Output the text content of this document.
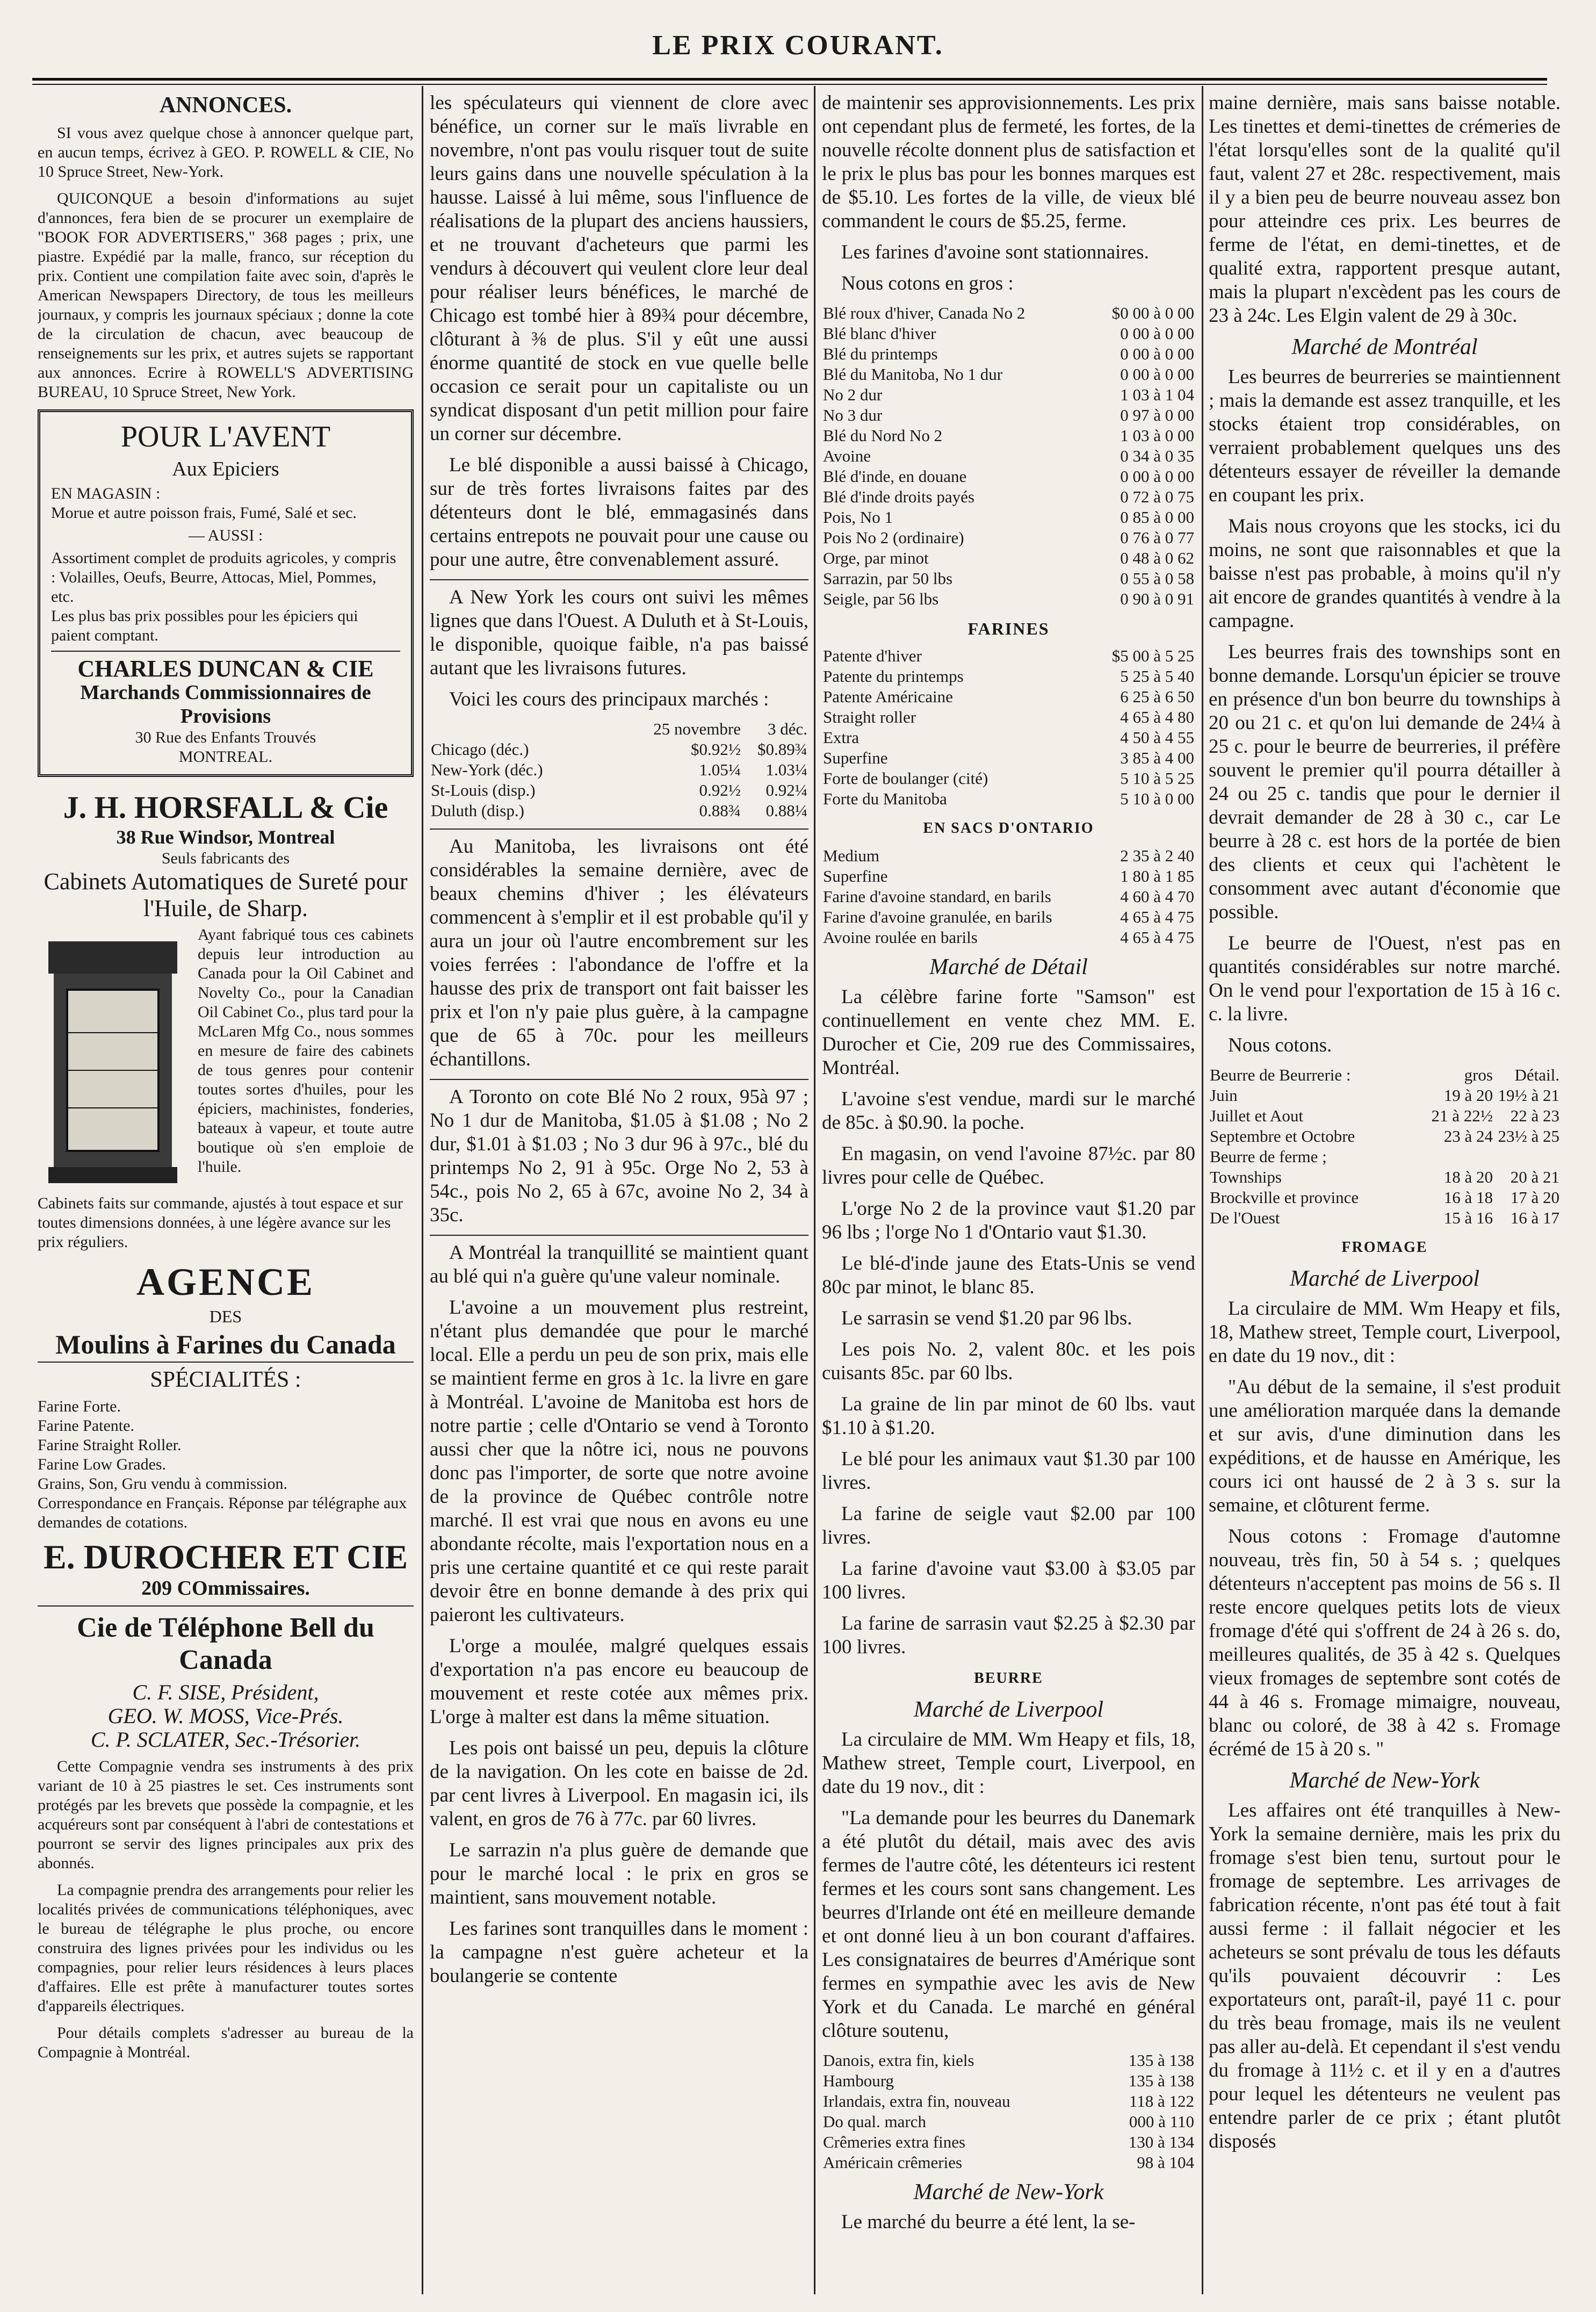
LE PRIX COURANT.
ANNONCES.

SI vous avez quelque chose à annoncer quelque part, en aucun temps, écrivez à GEO. P. ROWELL & CIE, No 10 Spruce Street, New-York.

QUICONQUE a besoin d'informations au sujet d'annonces, fera bien de se procurer un exemplaire de "BOOK FOR ADVERTISERS," 368 pages ; prix, une piastre. Expédié par la malle, franco, sur réception du prix. Contient une compilation faite avec soin, d'après le American Newspapers Directory, de tous les meilleurs journaux, y compris les journaux spéciaux ; donne la cote de la circulation de chacun, avec beaucoup de renseignements sur les prix, et autres sujets se rapportant aux annonces. Ecrire à ROWELL'S ADVERTISING BUREAU, 10 Spruce Street, New York.

POUR L'AVENT
Aux Epiciers
EN MAGASIN :
Morue et autre poisson frais, Fumé, Salé et sec.
— AUSSI :
Assortiment complet de produits agricoles, y compris : Volailles, Oeufs, Beurre, Attocas, Miel, Pommes, etc.
Les plus bas prix possibles pour les épiciers qui paient comptant.
CHARLES DUNCAN & CIE
Marchands Commissionnaires de Provisions
30 Rue des Enfants Trouvés
MONTREAL.
J. H. HORSFALL & Cie
38 Rue Windsor, Montreal
Seuls fabricants des
Cabinets Automatiques de Sureté pour l'Huile, de Sharp.
Ayant fabriqué tous ces cabinets depuis leur introduction au Canada pour la Oil Cabinet and Novelty Co., pour la Canadian Oil Cabinet Co., plus tard pour la McLaren Mfg Co., nous sommes en mesure de faire des cabinets de tous genres pour contenir toutes sortes d'huiles, pour les épiciers, machinistes, fonderies, bateaux à vapeur, et toute autre boutique où s'en emploie de l'huile.
Cabinets faits sur commande, ajustés à tout espace et sur toutes dimensions données, à une légère avance sur les prix réguliers.
AGENCE
DES
Moulins à Farines du Canada
SPÉCIALITÉS :
Farine Forte.
Farine Patente.
Farine Straight Roller.
Farine Low Grades.
Grains, Son, Gru vendu à commission.
Correspondance en Français. Réponse par télégraphe aux demandes de cotations.
E. DUROCHER ET CIE
209 COmmissaires.
Cie de Téléphone Bell du Canada
C. F. SISE, Président,
GEO. W. MOSS, Vice-Prés.
C. P. SCLATER, Sec.-Trésorier.

Cette Compagnie vendra ses instruments à des prix variant de 10 à 25 piastres le set. Ces instruments sont protégés par les brevets que possède la compagnie, et les acquéreurs sont par conséquent à l'abri de contestations et pourront se servir des lignes principales aux prix des abonnés.

La compagnie prendra des arrangements pour relier les localités privées de communications téléphoniques, avec le bureau de télégraphe le plus proche, ou encore construira des lignes privées pour les individus ou les compagnies, pour relier leurs résidences à leurs places d'affaires. Elle est prête à manufacturer toutes sortes d'appareils électriques.

Pour détails complets s'adresser au bureau de la Compagnie à Montréal.

les spéculateurs qui viennent de clore avec bénéfice, un corner sur le maïs livrable en novembre, n'ont pas voulu risquer tout de suite leurs gains dans une nouvelle spéculation à la hausse. Laissé à lui même, sous l'influence de réalisations de la plupart des anciens haussiers, et ne trouvant d'acheteurs que parmi les vendurs à découvert qui veulent clore leur deal pour réaliser leurs bénéfices, le marché de Chicago est tombé hier à 89¾ pour décembre, clôturant à ⅜ de plus. S'il y eût une aussi énorme quantité de stock en vue quelle belle occasion ce serait pour un capitaliste ou un syndicat disposant d'un petit million pour faire un corner sur décembre.

Le blé disponible a aussi baissé à Chicago, sur de très fortes livraisons faites par des détenteurs dont le blé, emmagasinés dans certains entrepots ne pouvait pour une cause ou pour une autre, être convenablement assuré.

A New York les cours ont suivi les mêmes lignes que dans l'Ouest. A Duluth et à St-Louis, le disponible, quoique faible, n'a pas baissé autant que les livraisons futures.

Voici les cours des principaux marchés :

	25 novembre	3 déc.
Chicago (déc.)	$0.92½	$0.89¾
New-York (déc.)	1.05¼	1.03¼
St-Louis (disp.)	0.92½	0.92¼
Duluth (disp.)	0.88¾	0.88¼

Au Manitoba, les livraisons ont été considérables la semaine dernière, avec de beaux chemins d'hiver ; les élévateurs commencent à s'emplir et il est probable qu'il y aura un jour où l'autre encombrement sur les voies ferrées : l'abondance de l'offre et la hausse des prix de transport ont fait baisser les prix et l'on n'y paie plus guère, à la campagne que de 65 à 70c. pour les meilleurs échantillons.

A Toronto on cote Blé No 2 roux, 95à 97 ; No 1 dur de Manitoba, $1.05 à $1.08 ; No 2 dur, $1.01 à $1.03 ; No 3 dur 96 à 97c., blé du printemps No 2, 91 à 95c. Orge No 2, 53 à 54c., pois No 2, 65 à 67c, avoine No 2, 34 à 35c.

A Montréal la tranquillité se maintient quant au blé qui n'a guère qu'une valeur nominale.

L'avoine a un mouvement plus restreint, n'étant plus demandée que pour le marché local. Elle a perdu un peu de son prix, mais elle se maintient ferme en gros à 1c. la livre en gare à Montréal. L'avoine de Manitoba est hors de notre partie ; celle d'Ontario se vend à Toronto aussi cher que la nôtre ici, nous ne pouvons donc pas l'importer, de sorte que notre avoine de la province de Québec contrôle notre marché. Il est vrai que nous en avons eu une abondante récolte, mais l'exportation nous en a pris une certaine quantité et ce qui reste parait devoir être en bonne demande à des prix qui paieront les cultivateurs.

L'orge a moulée, malgré quelques essais d'exportation n'a pas encore eu beaucoup de mouvement et reste cotée aux mêmes prix. L'orge à malter est dans la même situation.

Les pois ont baissé un peu, depuis la clôture de la navigation. On les cote en baisse de 2d. par cent livres à Liverpool. En magasin ici, ils valent, en gros de 76 à 77c. par 60 livres.

Le sarrazin n'a plus guère de demande que pour le marché local : le prix en gros se maintient, sans mouvement notable.

Les farines sont tranquilles dans le moment : la campagne n'est guère acheteur et la boulangerie se contente

de maintenir ses approvisionnements. Les prix ont cependant plus de fermeté, les fortes, de la nouvelle récolte donnent plus de satisfaction et le prix le plus bas pour les bonnes marques est de $5.10. Les fortes de la ville, de vieux blé commandent le cours de $5.25, ferme.

Les farines d'avoine sont stationnaires.

Nous cotons en gros :

Blé roux d'hiver, Canada No 2	$0 00 à 0 00
Blé blanc d'hiver	0 00 à 0 00
Blé du printemps	0 00 à 0 00
Blé du Manitoba, No 1 dur	0 00 à 0 00
No 2 dur	1 03 à 1 04
No 3 dur	0 97 à 0 00
Blé du Nord No 2	1 03 à 0 00
Avoine	0 34 à 0 35
Blé d'inde, en douane	0 00 à 0 00
Blé d'inde droits payés	0 72 à 0 75
Pois, No 1	0 85 à 0 00
Pois No 2 (ordinaire)	0 76 à 0 77
Orge, par minot	0 48 à 0 62
Sarrazin, par 50 lbs	0 55 à 0 58
Seigle, par 56 lbs	0 90 à 0 91
FARINES
Patente d'hiver	$5 00 à 5 25
Patente du printemps	5 25 à 5 40
Patente Américaine	6 25 à 6 50
Straight roller	4 65 à 4 80
Extra	4 50 à 4 55
Superfine	3 85 à 4 00
Forte de boulanger (cité)	5 10 à 5 25
Forte du Manitoba	5 10 à 0 00
EN SACS D'ONTARIO
Medium	2 35 à 2 40
Superfine	1 80 à 1 85
Farine d'avoine standard, en barils	4 60 à 4 70
Farine d'avoine granulée, en barils	4 65 à 4 75
Avoine roulée en barils	4 65 à 4 75
Marché de Détail

La célèbre farine forte "Samson" est continuellement en vente chez MM. E. Durocher et Cie, 209 rue des Commissaires, Montréal.

L'avoine s'est vendue, mardi sur le marché de 85c. à $0.90. la poche.

En magasin, on vend l'avoine 87½c. par 80 livres pour celle de Québec.

L'orge No 2 de la province vaut $1.20 par 96 lbs ; l'orge No 1 d'Ontario vaut $1.30.

Le blé-d'inde jaune des Etats-Unis se vend 80c par minot, le blanc 85.

Le sarrasin se vend $1.20 par 96 lbs.

Les pois No. 2, valent 80c. et les pois cuisants 85c. par 60 lbs.

La graine de lin par minot de 60 lbs. vaut $1.10 à $1.20.

Le blé pour les animaux vaut $1.30 par 100 livres.

La farine de seigle vaut $2.00 par 100 livres.

La farine d'avoine vaut $3.00 à $3.05 par 100 livres.

La farine de sarrasin vaut $2.25 à $2.30 par 100 livres.

BEURRE
Marché de Liverpool

La circulaire de MM. Wm Heapy et fils, 18, Mathew street, Temple court, Liverpool, en date du 19 nov., dit :

"La demande pour les beurres du Danemark a été plutôt du détail, mais avec des avis fermes de l'autre côté, les détenteurs ici restent fermes et les cours sont sans changement. Les beurres d'Irlande ont été en meilleure demande et ont donné lieu à un bon courant d'affaires. Les consignataires de beurres d'Amérique sont fermes en sympathie avec les avis de New York et du Canada. Le marché en général clôture soutenu,

Danois, extra fin, kiels	135 à 138
Hambourg	135 à 138
Irlandais, extra fin, nouveau	118 à 122
Do qual. march	000 à 110
Crêmeries extra fines	130 à 134
Américain crêmeries	98 à 104
Marché de New-York

Le marché du beurre a été lent, la se-

maine dernière, mais sans baisse notable. Les tinettes et demi-tinettes de crémeries de l'état lorsqu'elles sont de la qualité qu'il faut, valent 27 et 28c. respectivement, mais il y a bien peu de beurre nouveau assez bon pour atteindre ces prix. Les beurres de ferme de l'état, en demi-tinettes, et de qualité extra, rapportent presque autant, mais la plupart n'excèdent pas les cours de 23 à 24c. Les Elgin valent de 29 à 30c.

Marché de Montréal

Les beurres de beurreries se maintiennent ; mais la demande est assez tranquille, et les stocks étaient trop considérables, on verraient probablement quelques uns des détenteurs essayer de réveiller la demande en coupant les prix.

Mais nous croyons que les stocks, ici du moins, ne sont que raisonnables et que la baisse n'est pas probable, à moins qu'il n'y ait encore de grandes quantités à vendre à la campagne.

Les beurres frais des townships sont en bonne demande. Lorsqu'un épicier se trouve en présence d'un bon beurre du townships à 20 ou 21 c. et qu'on lui demande de 24¼ à 25 c. pour le beurre de beurreries, il préfère souvent le premier qu'il pourra détailler à 24 ou 25 c. tandis que pour le dernier il devrait demander de 28 à 30 c., car Le beurre à 28 c. est hors de la portée de bien des clients et ceux qui l'achètent le consomment avec autant d'économie que possible.

Le beurre de l'Ouest, n'est pas en quantités considérables sur notre marché. On le vend pour l'exportation de 15 à 16 c. c. la livre.

Nous cotons.

Beurre de Beurrerie :	gros	Détail.
Juin	19 à 20	19½ à 21
Juillet et Aout	21 à 22½	22 à 23
Septembre et Octobre	23 à 24	23½ à 25
Beurre de ferme ;		
Townships	18 à 20	20 à 21
Brockville et province	16 à 18	17 à 20
De l'Ouest	15 à 16	16 à 17
FROMAGE
Marché de Liverpool

La circulaire de MM. Wm Heapy et fils, 18, Mathew street, Temple court, Liverpool, en date du 19 nov., dit :

"Au début de la semaine, il s'est produit une amélioration marquée dans la demande et sur avis, d'une diminution dans les expéditions, et de hausse en Amérique, les cours ici ont haussé de 2 à 3 s. sur la semaine, et clôturent ferme.

Nous cotons : Fromage d'automne nouveau, très fin, 50 à 54 s. ; quelques détenteurs n'acceptent pas moins de 56 s. Il reste encore quelques petits lots de vieux fromage d'été qui s'offrent de 24 à 26 s. do, meilleures qualités, de 35 à 42 s. Quelques vieux fromages de septembre sont cotés de 44 à 46 s. Fromage mimaigre, nouveau, blanc ou coloré, de 38 à 42 s. Fromage écrémé de 15 à 20 s. "

Marché de New-York

Les affaires ont été tranquilles à New-York la semaine dernière, mais les prix du fromage s'est bien tenu, surtout pour le fromage de septembre. Les arrivages de fabrication récente, n'ont pas été tout à fait aussi ferme : il fallait négocier et les acheteurs se sont prévalu de tous les défauts qu'ils pouvaient découvrir : Les exportateurs ont, paraît-il, payé 11 c. pour du très beau fromage, mais ils ne veulent pas aller au-delà. Et cependant il s'est vendu du fromage à 11½ c. et il y en a d'autres pour lequel les détenteurs ne veulent pas entendre parler de ce prix ; étant plutôt disposés
